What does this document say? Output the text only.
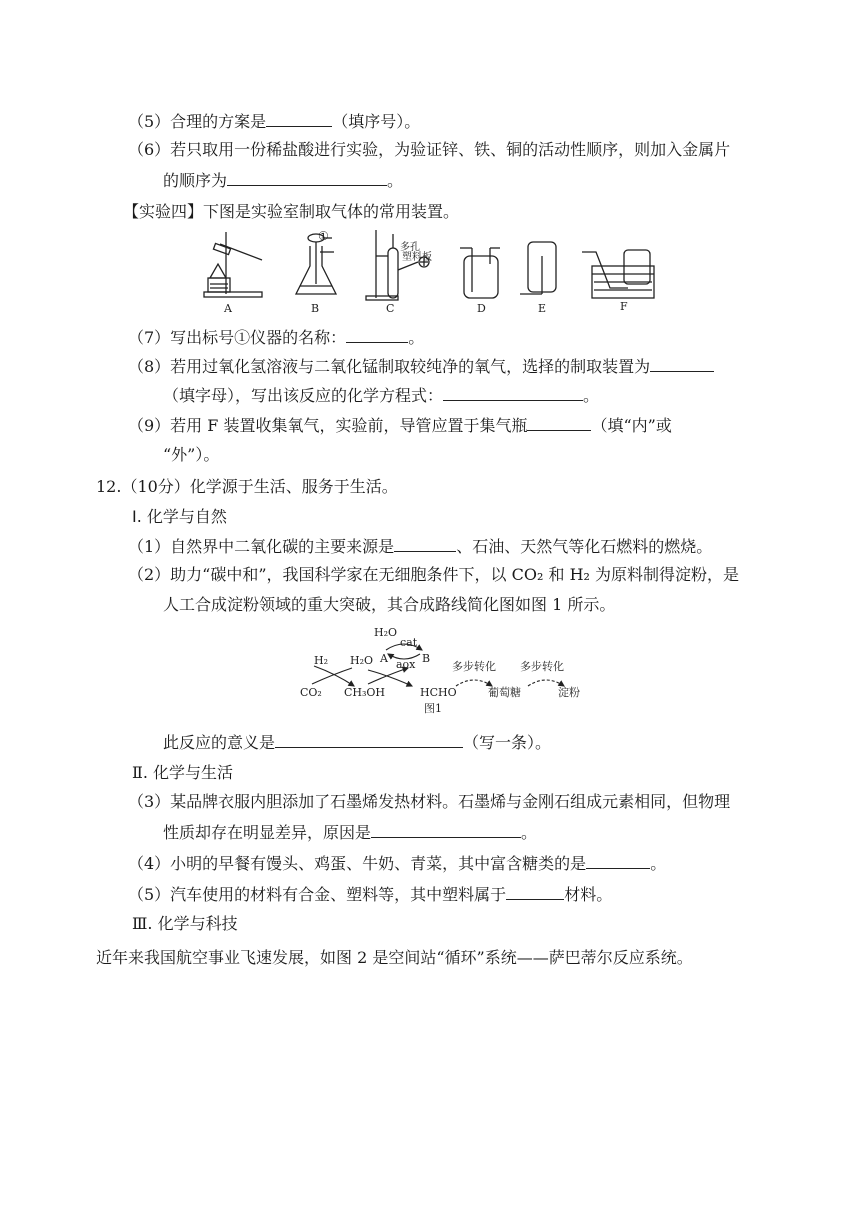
（5）合理的方案是	（填序号）。
（6）若只取用一份稀盐酸进行实验，为验证锌、铁、铜的活动性顺序，则加入金属片
的顺序为	。
【实验四】下图是实验室制取气体的常用装置。
①
多孔
塑料板
A	B	C	D	E	F
（7）写出标号①仪器的名称：	。
（8）若用过氧化氢溶液与二氧化锰制取较纯净的氧气，选择的制取装置为
（填字母），写出该反应的化学方程式：	。
（9）若用 F 装置收集氧气，实验前，导管应置于集气瓶	（填“内”或
“外”）。
12.（10分）化学源于生活、服务于生活。
Ⅰ. 化学与自然
（1）自然界中二氧化碳的主要来源是	、石油、天然气等化石燃料的燃烧。
（2）助力“碳中和”，我国科学家在无细胞条件下，以 CO₂ 和 H₂ 为原料制得淀粉，是
人工合成淀粉领域的重大突破，其合成路线简化图如图 1 所示。
H₂O
cat
H₂ H₂O A aox B
多步转化 多步转化
CO₂ CH₃OH	HCHO	葡萄糖	淀粉
图1
此反应的意义是	（写一条）。
Ⅱ. 化学与生活
（3）某品牌衣服内胆添加了石墨烯发热材料。石墨烯与金刚石组成元素相同，但物理
性质却存在明显差异，原因是	。
（4）小明的早餐有馒头、鸡蛋、牛奶、青菜，其中富含糖类的是	。
（5）汽车使用的材料有合金、塑料等，其中塑料属于	材料。
Ⅲ. 化学与科技
近年来我国航空事业飞速发展，如图 2 是空间站“循环”系统——萨巴蒂尔反应系统。
